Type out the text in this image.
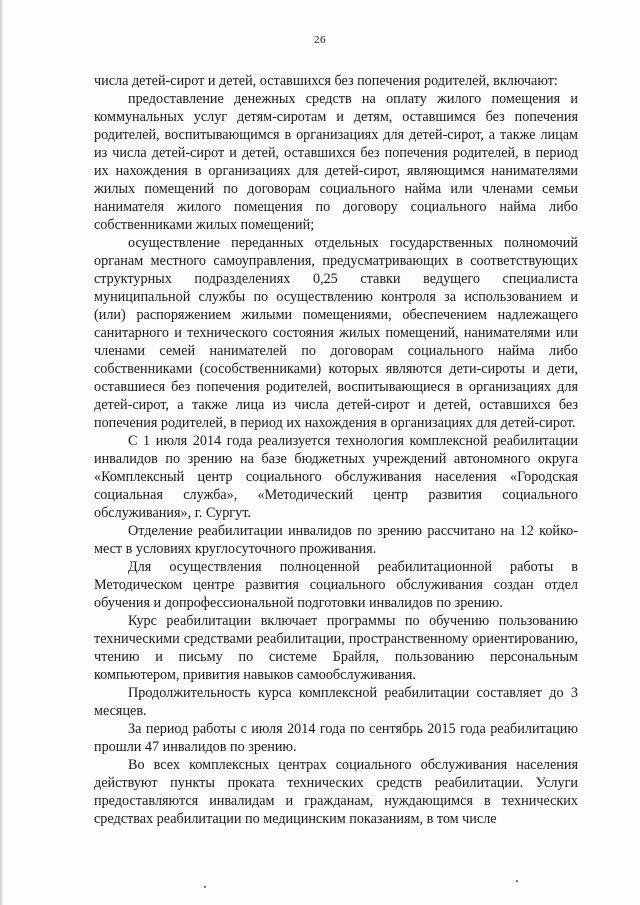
26

числа детей-сирот и детей, оставшихся без попечения родителей, включают:

предоставление денежных средств на оплату жилого помещения и коммунальных услуг детям-сиротам и детям, оставшимся без попечения родителей, воспитывающимся в организациях для детей-сирот, а также лицам из числа детей-сирот и детей, оставшихся без попечения родителей, в период их нахождения в организациях для детей-сирот, являющимся нанимателями жилых помещений по договорам социального найма или членами семьи нанимателя жилого помещения по договору социального найма либо собственниками жилых помещений;

осуществление переданных отдельных государственных полномочий органам местного самоуправления, предусматривающих в соответствующих структурных подразделениях 0,25 ставки ведущего специалиста муниципальной службы по осуществлению контроля за использованием и (или) распоряжением жилыми помещениями, обеспечением надлежащего санитарного и технического состояния жилых помещений, нанимателями или членами семей нанимателей по договорам социального найма либо собственниками (сособственниками) которых являются дети-сироты и дети, оставшиеся без попечения родителей, воспитывающиеся в организациях для детей-сирот, а также лица из числа детей-сирот и детей, оставшихся без попечения родителей, в период их нахождения в организациях для детей-сирот.

С 1 июля 2014 года реализуется технология комплексной реабилитации инвалидов по зрению на базе бюджетных учреждений автономного округа «Комплексный центр социального обслуживания населения «Городская социальная служба», «Методический центр развития социального обслуживания», г. Сургут.

Отделение реабилитации инвалидов по зрению рассчитано на 12 койко-мест в условиях круглосуточного проживания.

Для осуществления полноценной реабилитационной работы в Методическом центре развития социального обслуживания создан отдел обучения и допрофессиональной подготовки инвалидов по зрению.

Курс реабилитации включает программы по обучению пользованию техническими средствами реабилитации, пространственному ориентированию, чтению и письму по системе Брайля, пользованию персональным компьютером, привития навыков самообслуживания.

Продолжительность курса комплексной реабилитации составляет до 3 месяцев.

За период работы с июля 2014 года по сентябрь 2015 года реабилитацию прошли 47 инвалидов по зрению.

Во всех комплексных центрах социального обслуживания населения действуют пункты проката технических средств реабилитации. Услуги предоставляются инвалидам и гражданам, нуждающимся в технических средствах реабилитации по медицинским показаниям, в том числе
